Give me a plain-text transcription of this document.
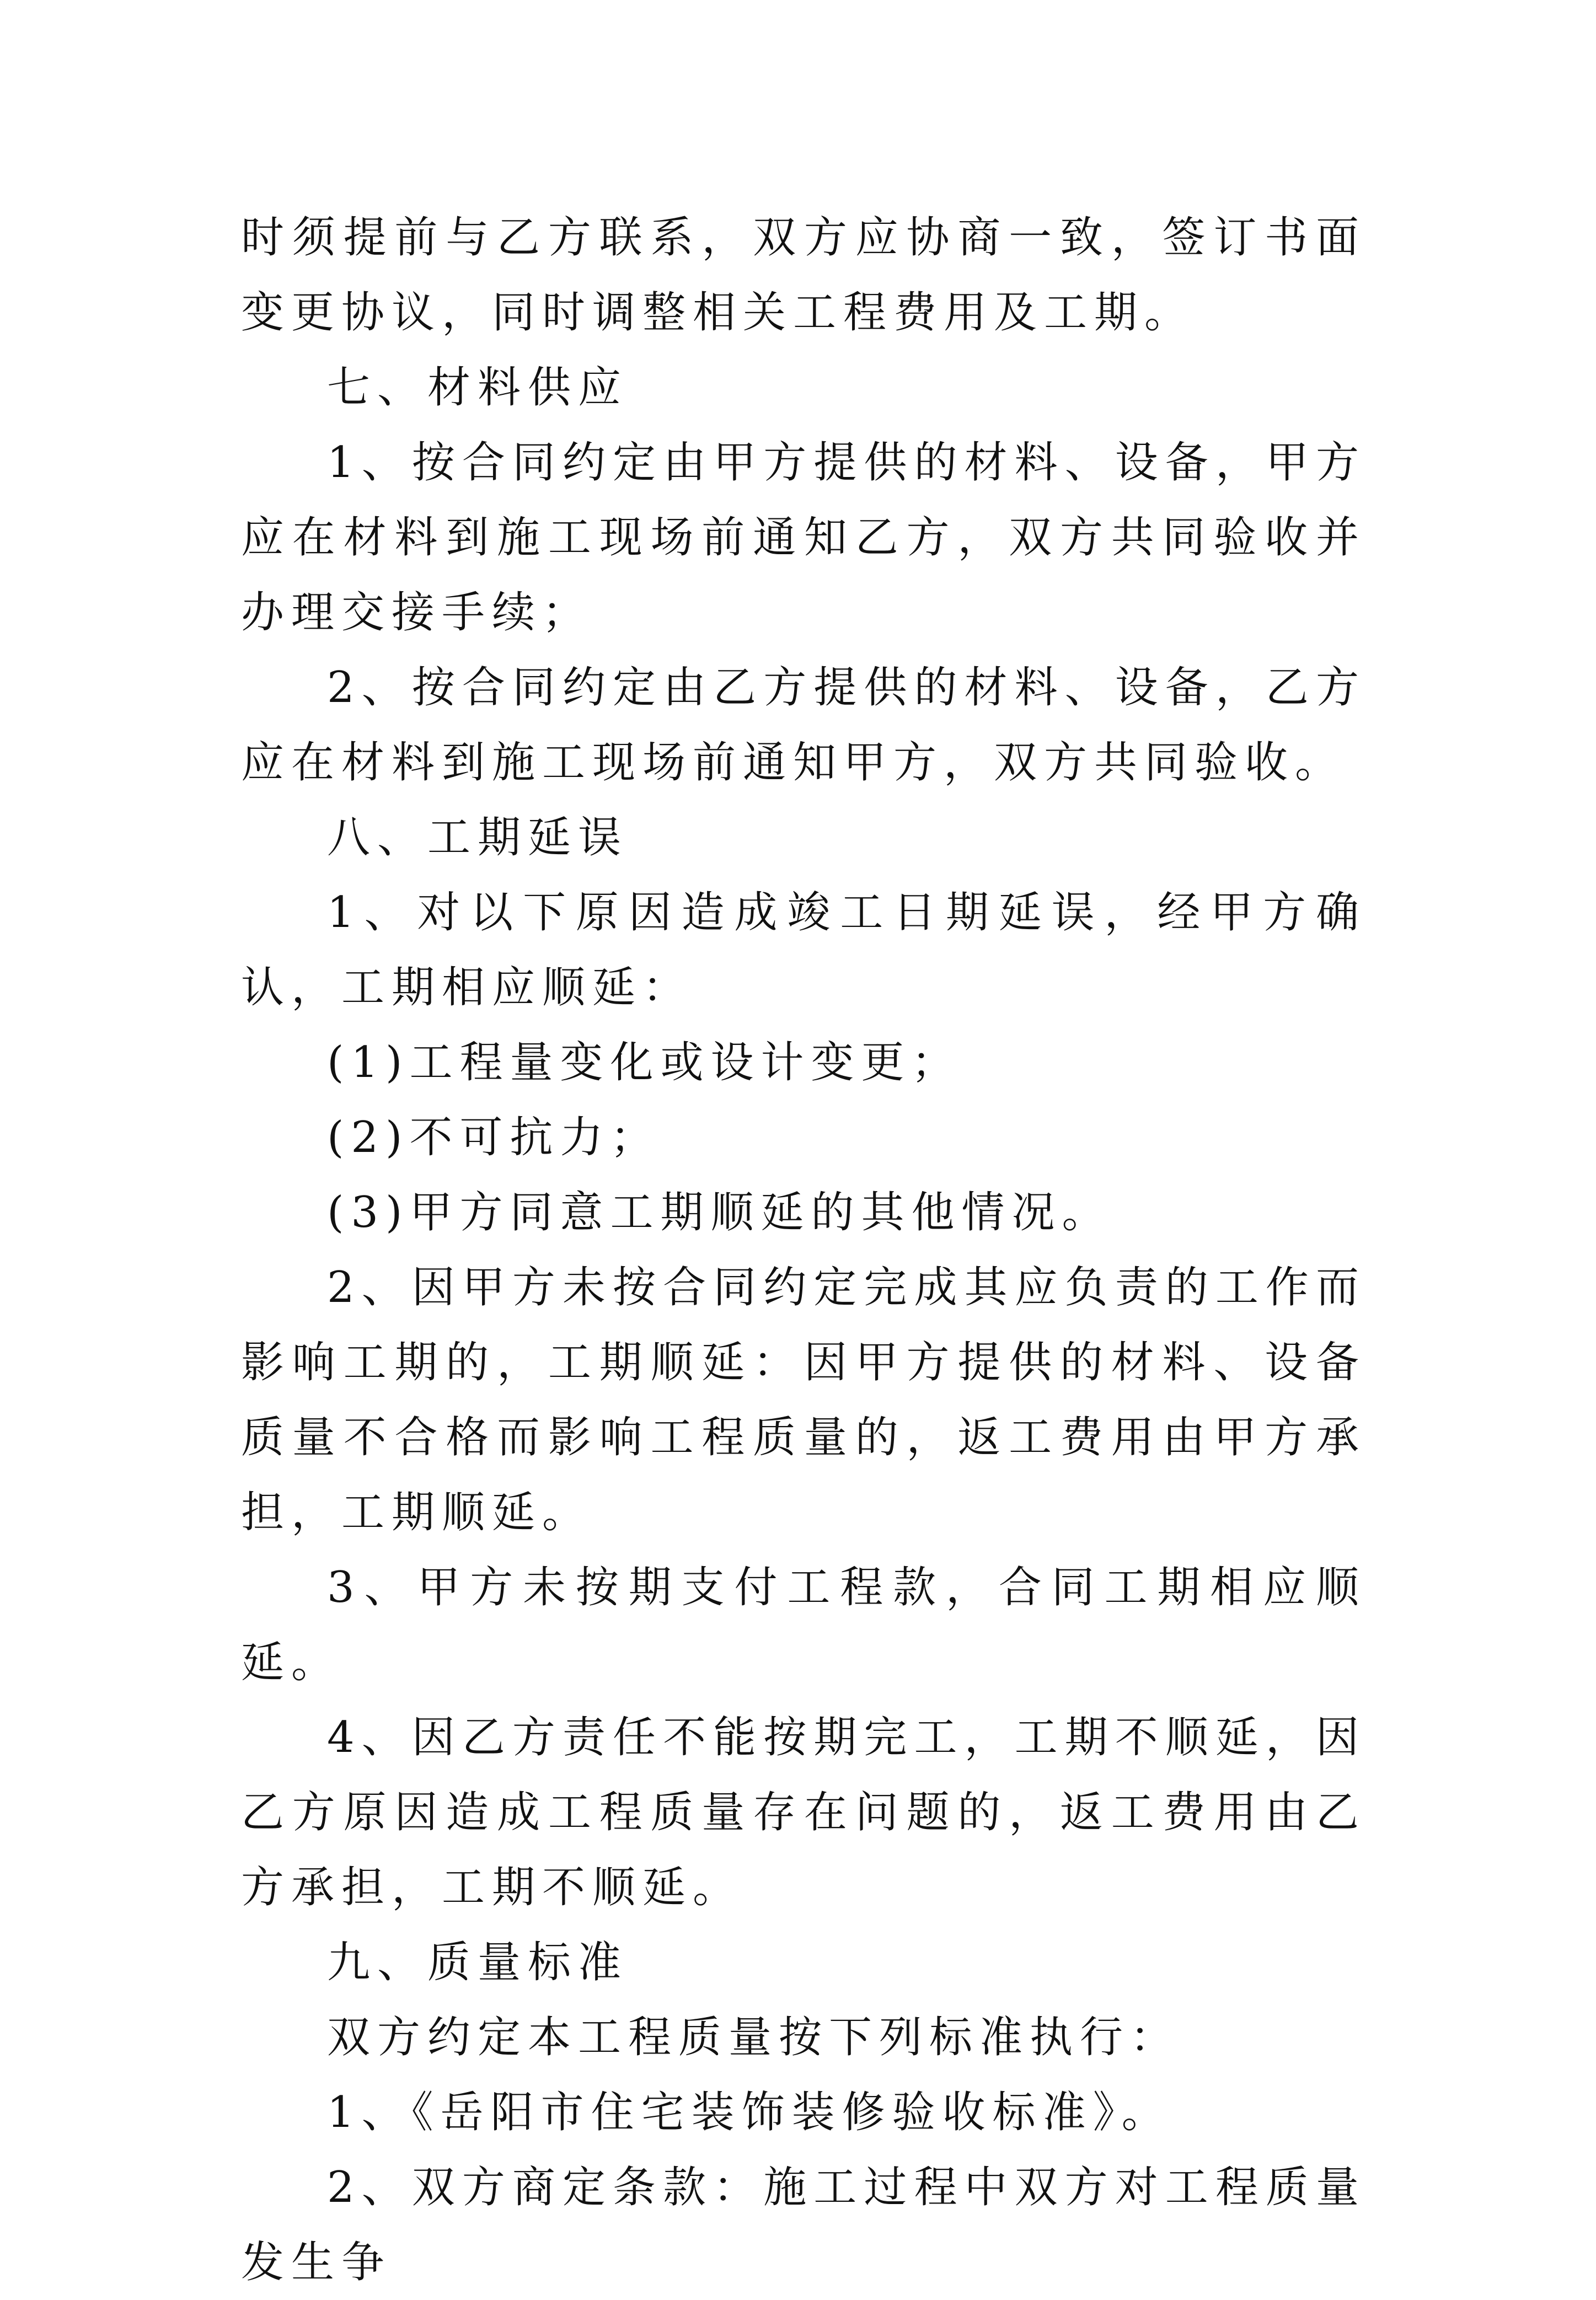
时须提前与乙方联系，双方应协商一致，签订书面变更协议，同时调整相关工程费用及工期。

七、材料供应

1、按合同约定由甲方提供的材料、设备，甲方应在材料到施工现场前通知乙方，双方共同验收并办理交接手续；

2、按合同约定由乙方提供的材料、设备，乙方应在材料到施工现场前通知甲方，双方共同验收。

八、工期延误

1、对以下原因造成竣工日期延误，经甲方确认，工期相应顺延：

(1)工程量变化或设计变更；

(2)不可抗力；

(3)甲方同意工期顺延的其他情况。

2、因甲方未按合同约定完成其应负责的工作而影响工期的，工期顺延：因甲方提供的材料、设备质量不合格而影响工程质量的，返工费用由甲方承担，工期顺延。

3、甲方未按期支付工程款，合同工期相应顺延。

4、因乙方责任不能按期完工，工期不顺延，因乙方原因造成工程质量存在问题的，返工费用由乙方承担，工期不顺延。

九、质量标准

双方约定本工程质量按下列标准执行：

1、《岳阳市住宅装饰装修验收标准》。

2、双方商定条款：施工过程中双方对工程质量发生争
